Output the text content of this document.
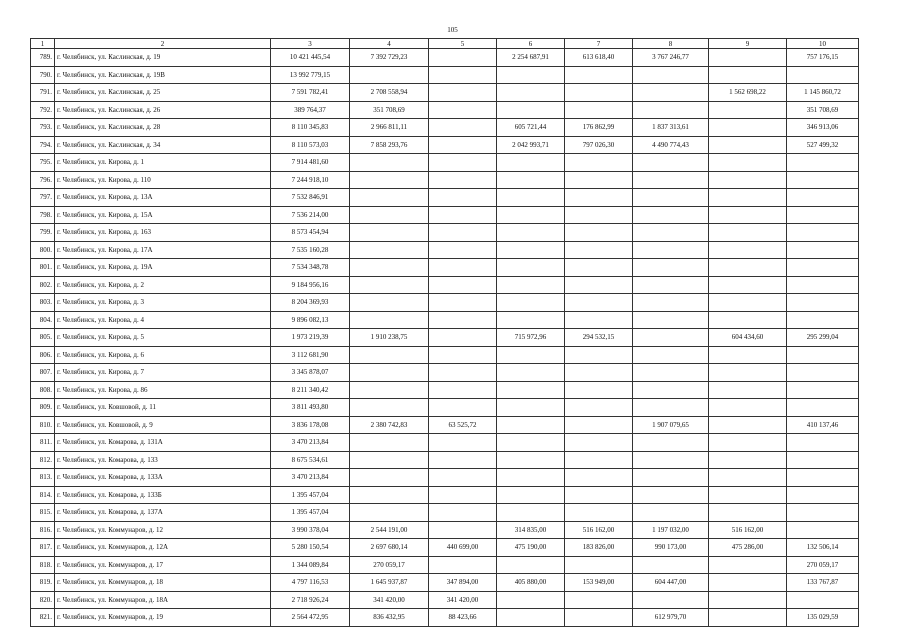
105
1	2	3	4	5	6	7	8	9	10
789.	г. Челябинск, ул. Каслинская, д. 19	10 421 445,54	7 392 729,23		2 254 687,91	613 618,40	3 767 246,77		757 176,15
790.	г. Челябинск, ул. Каслинская, д. 19В	13 992 779,15							
791.	г. Челябинск, ул. Каслинская, д. 25	7 591 782,41	2 708 558,94					1 562 698,22	1 145 860,72
792.	г. Челябинск, ул. Каслинская, д. 26	389 764,37	351 708,69						351 708,69
793.	г. Челябинск, ул. Каслинская, д. 28	8 110 345,83	2 966 811,11		605 721,44	176 862,99	1 837 313,61		346 913,06
794.	г. Челябинск, ул. Каслинская, д. 34	8 110 573,03	7 858 293,76		2 042 993,71	797 026,30	4 490 774,43		527 499,32
795.	г. Челябинск, ул. Кирова, д. 1	7 914 481,60							
796.	г. Челябинск, ул. Кирова, д. 110	7 244 918,10							
797.	г. Челябинск, ул. Кирова, д. 13А	7 532 846,91							
798.	г. Челябинск, ул. Кирова, д. 15А	7 536 214,00							
799.	г. Челябинск, ул. Кирова, д. 163	8 573 454,94							
800.	г. Челябинск, ул. Кирова, д. 17А	7 535 160,28							
801.	г. Челябинск, ул. Кирова, д. 19А	7 534 348,78							
802.	г. Челябинск, ул. Кирова, д. 2	9 184 956,16							
803.	г. Челябинск, ул. Кирова, д. 3	8 204 369,93							
804.	г. Челябинск, ул. Кирова, д. 4	9 896 082,13							
805.	г. Челябинск, ул. Кирова, д. 5	1 973 219,39	1 910 238,75		715 972,96	294 532,15		604 434,60	295 299,04
806.	г. Челябинск, ул. Кирова, д. 6	3 112 681,90							
807.	г. Челябинск, ул. Кирова, д. 7	3 345 878,07							
808.	г. Челябинск, ул. Кирова, д. 86	8 211 340,42							
809.	г. Челябинск, ул. Ковшовой, д. 11	3 811 493,80							
810.	г. Челябинск, ул. Ковшовой, д. 9	3 836 178,08	2 380 742,83	63 525,72			1 907 079,65		410 137,46
811.	г. Челябинск, ул. Комарова, д. 131А	3 470 213,84							
812.	г. Челябинск, ул. Комарова, д. 133	8 675 534,61							
813.	г. Челябинск, ул. Комарова, д. 133А	3 470 213,84							
814.	г. Челябинск, ул. Комарова, д. 133Б	1 395 457,04							
815.	г. Челябинск, ул. Комарова, д. 137А	1 395 457,04							
816.	г. Челябинск, ул. Коммунаров, д. 12	3 990 378,04	2 544 191,00		314 835,00	516 162,00	1 197 032,00	516 162,00	
817.	г. Челябинск, ул. Коммунаров, д. 12А	5 280 150,54	2 697 680,14	440 699,00	475 190,00	183 826,00	990 173,00	475 286,00	132 506,14
818.	г. Челябинск, ул. Коммунаров, д. 17	1 344 089,84	270 059,17						270 059,17
819.	г. Челябинск, ул. Коммунаров, д. 18	4 797 116,53	1 645 937,87	347 894,00	405 880,00	153 949,00	604 447,00		133 767,87
820.	г. Челябинск, ул. Коммунаров, д. 18А	2 718 926,24	341 420,00	341 420,00					
821.	г. Челябинск, ул. Коммунаров, д. 19	2 564 472,95	836 432,95	88 423,66			612 979,70		135 029,59
